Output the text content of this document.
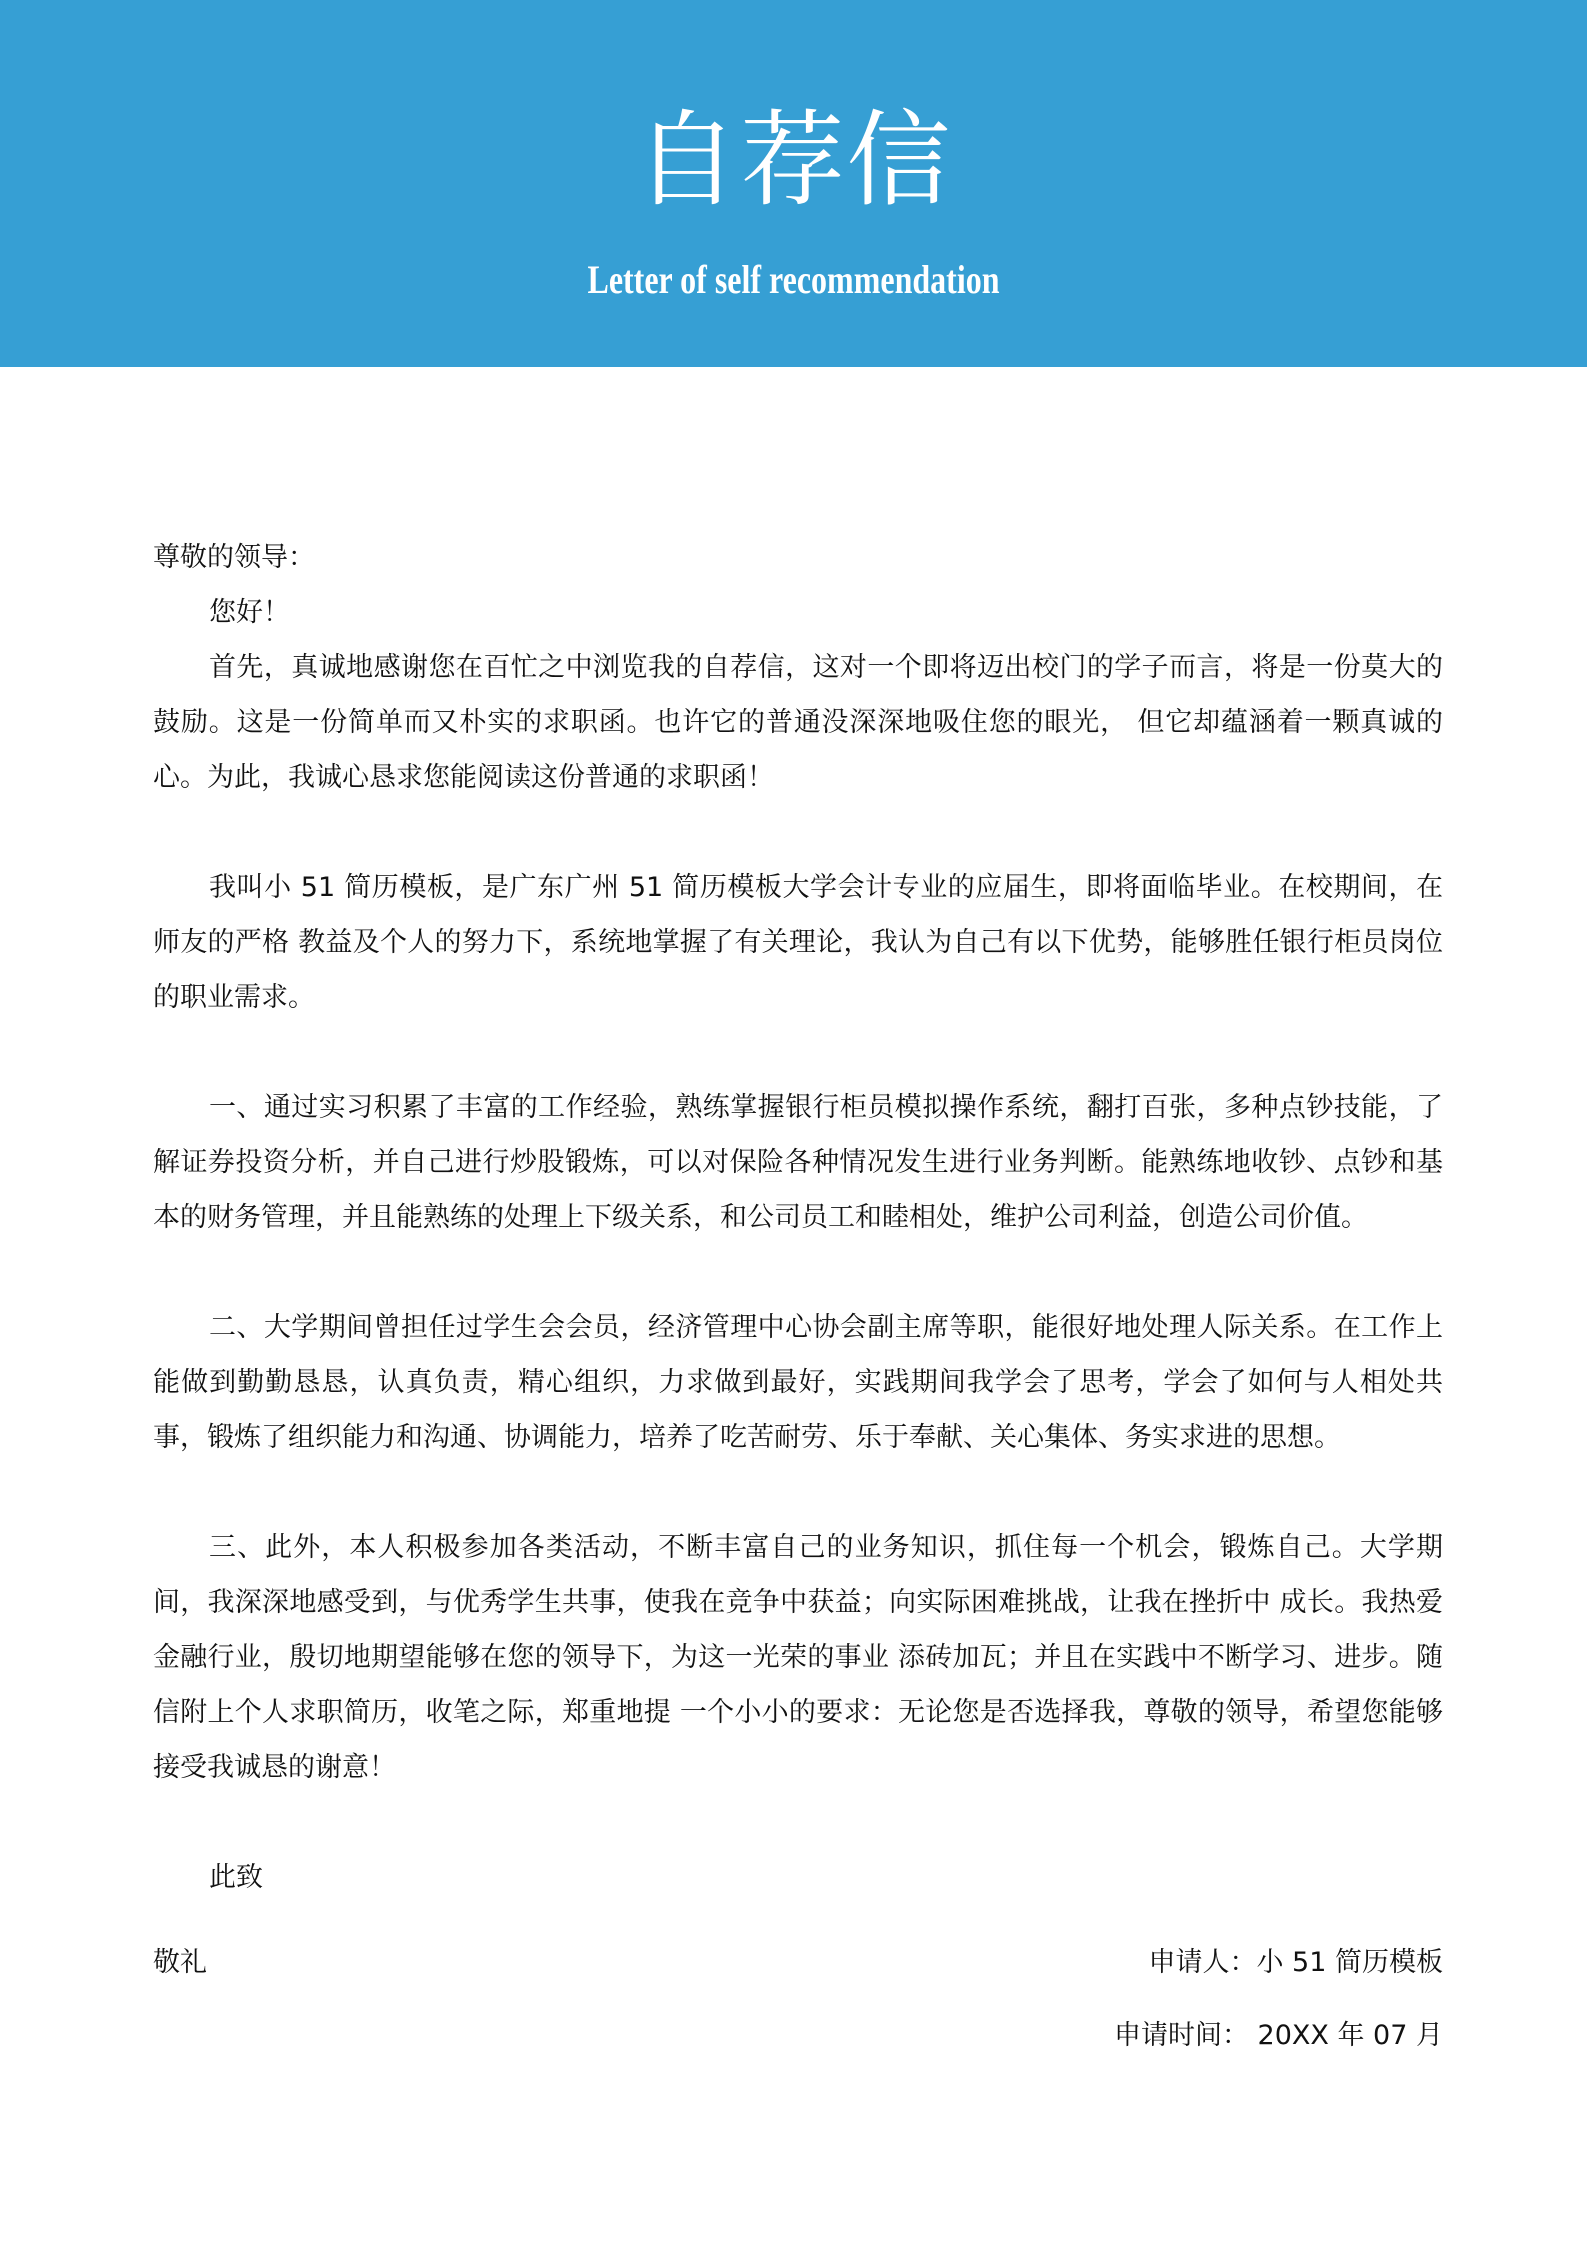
自荐信
Letter of self recommendation
尊敬的领导：
您好！
首先，真诚地感谢您在百忙之中浏览我的自荐信，这对一个即将迈出校门的学子而言，将是一份莫大的鼓励。这是一份简单而又朴实的求职函。也许它的普通没深深地吸住您的眼光， 但它却蕴涵着一颗真诚的心。为此，我诚心恳求您能阅读这份普通的求职函！
我叫小 51 简历模板，是广东广州 51 简历模板大学会计专业的应届生，即将面临毕业。在校期间，在师友的严格 教益及个人的努力下，系统地掌握了有关理论，我认为自己有以下优势，能够胜任银行柜员岗位的职业需求。
一、通过实习积累了丰富的工作经验，熟练掌握银行柜员模拟操作系统，翻打百张，多种点钞技能，了解证券投资分析，并自己进行炒股锻炼，可以对保险各种情况发生进行业务判断。能熟练地收钞、点钞和基本的财务管理，并且能熟练的处理上下级关系，和公司员工和睦相处，维护公司利益，创造公司价值。
二、大学期间曾担任过学生会会员，经济管理中心协会副主席等职，能很好地处理人际关系。在工作上能做到勤勤恳恳，认真负责，精心组织，力求做到最好，实践期间我学会了思考，学会了如何与人相处共事，锻炼了组织能力和沟通、协调能力，培养了吃苦耐劳、乐于奉献、关心集体、务实求进的思想。
三、此外，本人积极参加各类活动，不断丰富自己的业务知识，抓住每一个机会，锻炼自己。大学期间，我深深地感受到，与优秀学生共事，使我在竞争中获益；向实际困难挑战，让我在挫折中 成长。我热爱金融行业，殷切地期望能够在您的领导下，为这一光荣的事业 添砖加瓦；并且在实践中不断学习、进步。随信附上个人求职简历，收笔之际，郑重地提 一个小小的要求：无论您是否选择我，尊敬的领导，希望您能够接受我诚恳的谢意！
此致
敬礼	申请人：小 51 简历模板
申请时间： 20XX 年 07 月
